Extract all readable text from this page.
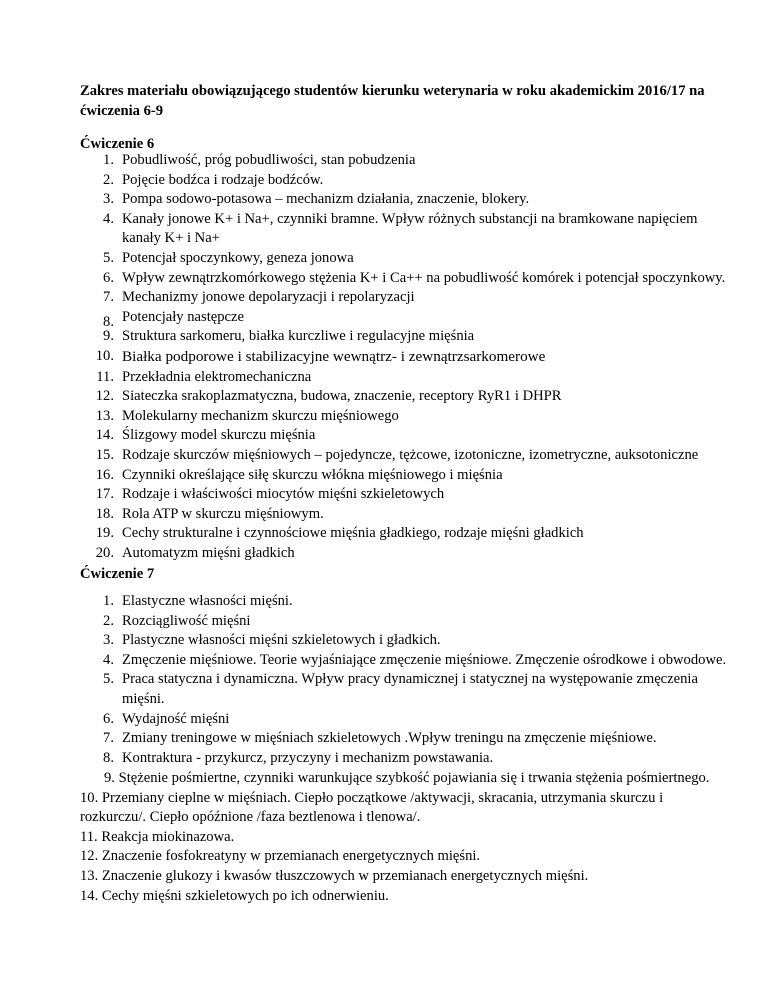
Zakres materiału obowiązującego studentów kierunku weterynaria w roku akademickim 2016/17 na ćwiczenia 6-9

Ćwiczenie 6

1. Pobudliwość, próg pobudliwości, stan pobudzenia
2. Pojęcie bodźca i rodzaje bodźców.
3. Pompa sodowo-potasowa – mechanizm działania, znaczenie, blokery.
4. Kanały jonowe K+ i Na+, czynniki bramne. Wpływ różnych substancji na bramkowane napięciem kanały K+ i Na+
5. Potencjał spoczynkowy, geneza jonowa
6. Wpływ zewnątrzkomórkowego stężenia K+ i Ca++ na pobudliwość komórek i potencjał spoczynkowy.
7. Mechanizmy jonowe depolaryzacji i repolaryzacji
8. Potencjały następcze
9. Struktura sarkomeru, białka kurczliwe i regulacyjne mięśnia
10. Białka podporowe i stabilizacyjne wewnątrz- i zewnątrzsarkomerowe
11. Przekładnia elektromechaniczna
12. Siateczka srakoplazmatyczna, budowa, znaczenie, receptory RyR1 i DHPR
13. Molekularny mechanizm skurczu mięśniowego
14. Ślizgowy model skurczu mięśnia
15. Rodzaje skurczów mięśniowych – pojedyncze, tężcowe, izotoniczne, izometryczne, auksotoniczne
16. Czynniki określające siłę skurczu włókna mięśniowego i mięśnia
17. Rodzaje i właściwości miocytów mięśni szkieletowych
18. Rola ATP w skurczu mięśniowym.
19. Cechy strukturalne i czynnościowe mięśnia gładkiego, rodzaje mięśni gładkich
20. Automatyzm mięśni gładkich

Ćwiczenie 7

1. Elastyczne własności mięśni.
2. Rozciągliwość mięśni
3. Plastyczne własności mięśni szkieletowych i gładkich.
4. Zmęczenie mięśniowe. Teorie wyjaśniające zmęczenie mięśniowe. Zmęczenie ośrodkowe i obwodowe.
5. Praca statyczna i dynamiczna. Wpływ pracy dynamicznej i statycznej na występowanie zmęczenia mięśni.
6. Wydajność mięśni
7. Zmiany treningowe w mięśniach szkieletowych .Wpływ treningu na zmęczenie mięśniowe.
8. Kontraktura - przykurcz, przyczyny i mechanizm powstawania.

9. Stężenie pośmiertne, czynniki warunkujące szybkość pojawiania się i trwania stężenia pośmiertnego.

10. Przemiany cieplne w mięśniach. Ciepło początkowe /aktywacji, skracania, utrzymania skurczu i rozkurczu/. Ciepło opóźnione /faza beztlenowa i tlenowa/.

11. Reakcja miokinazowa.

12. Znaczenie fosfokreatyny w przemianach energetycznych mięśni.

13. Znaczenie glukozy i kwasów tłuszczowych w przemianach energetycznych mięśni.

14. Cechy mięśni szkieletowych po ich odnerwieniu.
